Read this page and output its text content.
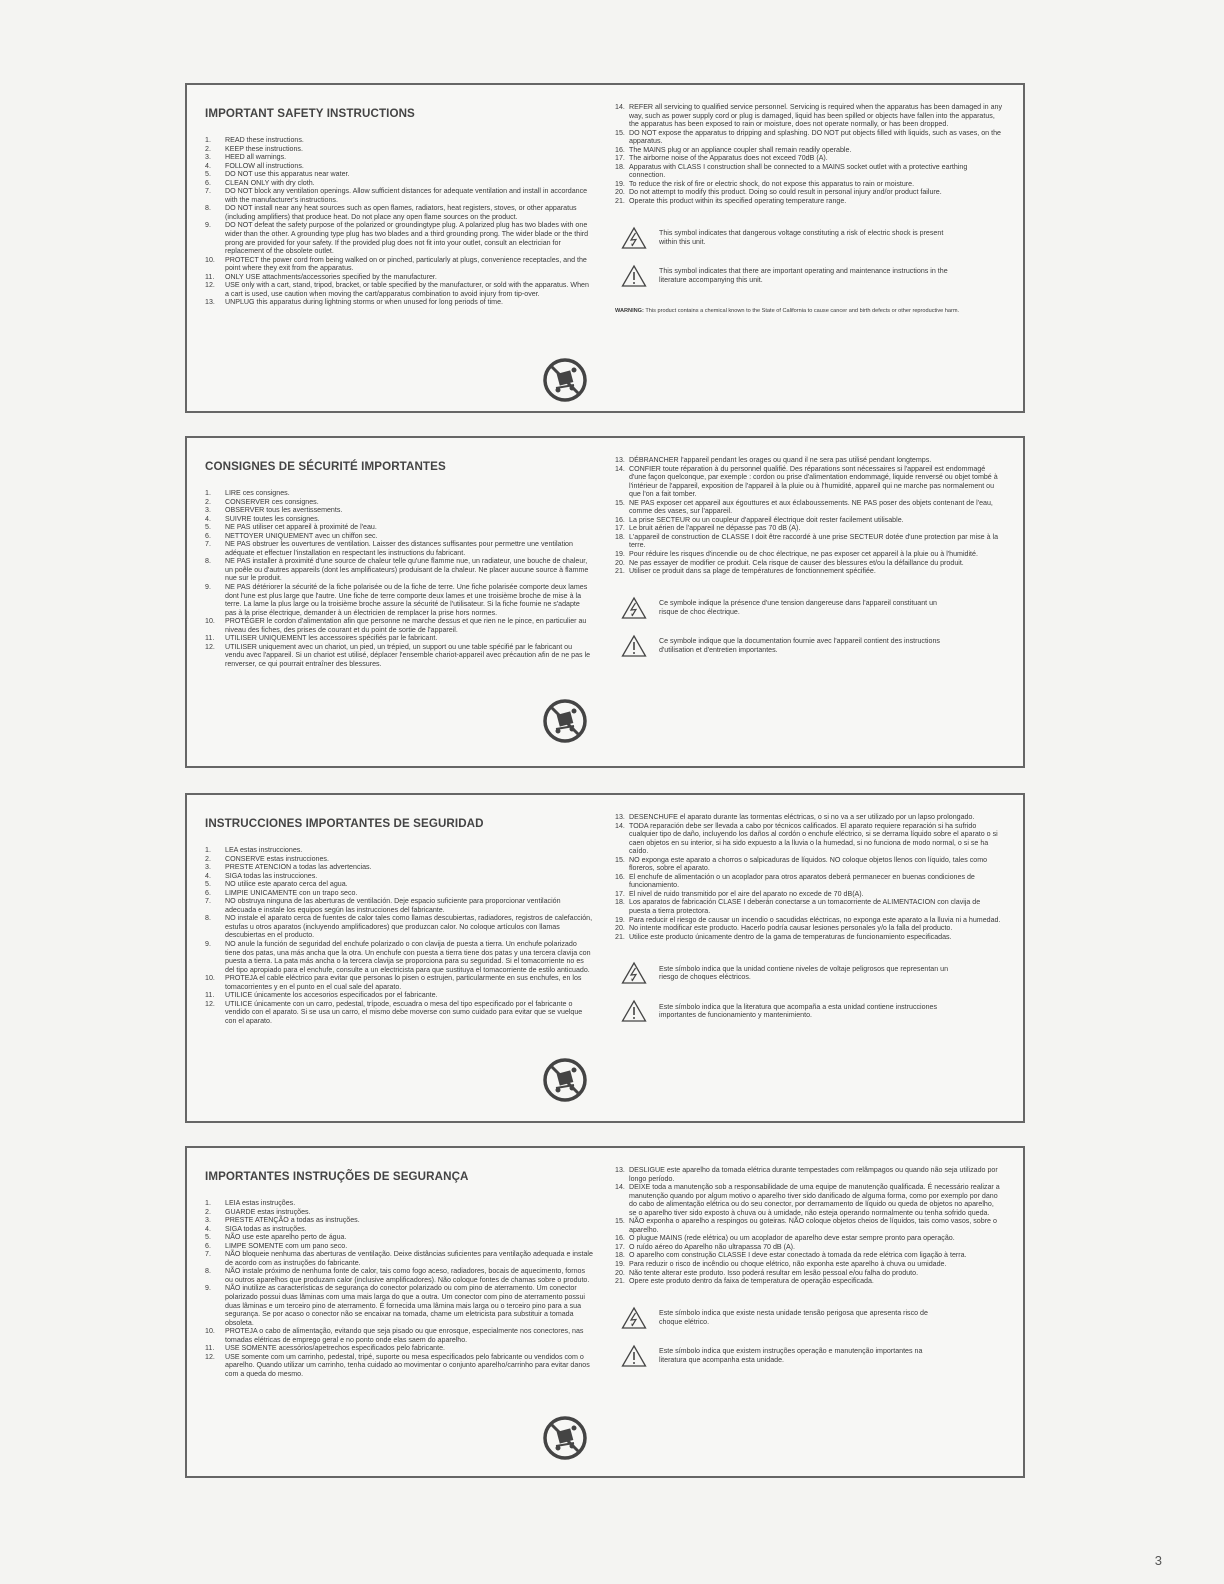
IMPORTANT SAFETY INSTRUCTIONS
1.	READ these instructions.
2.	KEEP these instructions.
3.	HEED all warnings.
4.	FOLLOW all instructions.
5.	DO NOT use this apparatus near water.
6.	CLEAN ONLY with dry cloth.
7.	DO NOT block any ventilation openings. Allow sufficient distances for adequate ventilation and install in accordance with the manufacturer's instructions.
8.	DO NOT install near any heat sources such as open flames, radiators, heat registers, stoves, or other apparatus (including amplifiers) that produce heat. Do not place any open flame sources on the product.
9.	DO NOT defeat the safety purpose of the polarized or groundingtype plug. A polarized plug has two blades with one wider than the other. A grounding type plug has two blades and a third grounding prong. The wider blade or the third prong are provided for your safety. If the provided plug does not fit into your outlet, consult an electrician for replacement of the obsolete outlet.
10.	PROTECT the power cord from being walked on or pinched, particularly at plugs, convenience receptacles, and the point where they exit from the apparatus.
11.	ONLY USE attachments/accessories specified by the manufacturer.
12.	USE only with a cart, stand, tripod, bracket, or table specified by the manufacturer, or sold with the apparatus. When a cart is used, use caution when moving the cart/apparatus combination to avoid injury from tip-over.
13.	UNPLUG this apparatus during lightning storms or when unused for long periods of time.
14. REFER all servicing to qualified service personnel. Servicing is required when the apparatus has been damaged in any way, such as power supply cord or plug is damaged, liquid has been spilled or objects have fallen into the apparatus, the apparatus has been exposed to rain or moisture, does not operate normally, or has been dropped.
15. DO NOT expose the apparatus to dripping and splashing. DO NOT put objects filled with liquids, such as vases, on the apparatus.
16. The MAINS plug or an appliance coupler shall remain readily operable.
17. The airborne noise of the Apparatus does not exceed 70dB (A).
18. Apparatus with CLASS I construction shall be connected to a MAINS socket outlet with a protective earthing connection.
19. To reduce the risk of fire or electric shock, do not expose this apparatus to rain or moisture.
20. Do not attempt to modify this product. Doing so could result in personal injury and/or product failure.
21. Operate this product within its specified operating temperature range.
This symbol indicates that dangerous voltage constituting a risk of electric shock is present within this unit.
This symbol indicates that there are important operating and maintenance instructions in the literature accompanying this unit.
WARNING: This product contains a chemical known to the State of California to cause cancer and birth defects or other reproductive harm.
CONSIGNES DE SÉCURITÉ IMPORTANTES
1.	LIRE ces consignes.
2.	CONSERVER ces consignes.
3.	OBSERVER tous les avertissements.
4.	SUIVRE toutes les consignes.
5.	NE PAS utiliser cet appareil à proximité de l'eau.
6.	NETTOYER UNIQUEMENT avec un chiffon sec.
7.	NE PAS obstruer les ouvertures de ventilation. Laisser des distances suffisantes pour permettre une ventilation adéquate et effectuer l'installation en respectant les instructions du fabricant.
8.	NE PAS installer à proximité d'une source de chaleur telle qu'une flamme nue, un radiateur, une bouche de chaleur, un poêle ou d'autres appareils (dont les amplificateurs) produisant de la chaleur. Ne placer aucune source à flamme nue sur le produit.
9.	NE PAS détériorer la sécurité de la fiche polarisée ou de la fiche de terre. Une fiche polarisée comporte deux lames dont l'une est plus large que l'autre. Une fiche de terre comporte deux lames et une troisième broche de mise à la terre. La lame la plus large ou la troisième broche assure la sécurité de l'utilisateur. Si la fiche fournie ne s'adapte pas à la prise électrique, demander à un électricien de remplacer la prise hors normes.
10.	PROTÉGER le cordon d'alimentation afin que personne ne marche dessus et que rien ne le pince, en particulier au niveau des fiches, des prises de courant et du point de sortie de l'appareil.
11.	UTILISER UNIQUEMENT les accessoires spécifiés par le fabricant.
12.	UTILISER uniquement avec un chariot, un pied, un trépied, un support ou une table spécifié par le fabricant ou vendu avec l'appareil. Si un chariot est utilisé, déplacer l'ensemble chariot-appareil avec précaution afin de ne pas le renverser, ce qui pourrait entraîner des blessures.
13. DÉBRANCHER l'appareil pendant les orages ou quand il ne sera pas utilisé pendant longtemps.
14. CONFIER toute réparation à du personnel qualifié. Des réparations sont nécessaires si l'appareil est endommagé d'une façon quelconque, par exemple : cordon ou prise d'alimentation endommagé, liquide renversé ou objet tombé à l'intérieur de l'appareil, exposition de l'appareil à la pluie ou à l'humidité, appareil qui ne marche pas normalement ou que l'on a fait tomber.
15. NE PAS exposer cet appareil aux égouttures et aux éclaboussements. NE PAS poser des objets contenant de l'eau, comme des vases, sur l'appareil.
16. La prise SECTEUR ou un coupleur d'appareil électrique doit rester facilement utilisable.
17. Le bruit aérien de l'appareil ne dépasse pas 70 dB (A).
18. L'appareil de construction de CLASSE I doit être raccordé à une prise SECTEUR dotée d'une protection par mise à la terre.
19. Pour réduire les risques d'incendie ou de choc électrique, ne pas exposer cet appareil à la pluie ou à l'humidité.
20. Ne pas essayer de modifier ce produit. Cela risque de causer des blessures et/ou la défaillance du produit.
21. Utiliser ce produit dans sa plage de températures de fonctionnement spécifiée.
Ce symbole indique la présence d'une tension dangereuse dans l'appareil constituant un risque de choc électrique.
Ce symbole indique que la documentation fournie avec l'appareil contient des instructions d'utilisation et d'entretien importantes.
INSTRUCCIONES IMPORTANTES DE SEGURIDAD
1.	LEA estas instrucciones.
2.	CONSERVE estas instrucciones.
3.	PRESTE ATENCION a todas las advertencias.
4.	SIGA todas las instrucciones.
5.	NO utilice este aparato cerca del agua.
6.	LIMPIE UNICAMENTE con un trapo seco.
7.	NO obstruya ninguna de las aberturas de ventilación. Deje espacio suficiente para proporcionar ventilación adecuada e instale los equipos según las instrucciones del fabricante.
8.	NO instale el aparato cerca de fuentes de calor tales como llamas descubiertas, radiadores, registros de calefacción, estufas u otros aparatos (incluyendo amplificadores) que produzcan calor. No coloque artículos con llamas descubiertas en el producto.
9.	NO anule la función de seguridad del enchufe polarizado o con clavija de puesta a tierra. Un enchufe polarizado tiene dos patas, una más ancha que la otra. Un enchufe con puesta a tierra tiene dos patas y una tercera clavija con puesta a tierra. La pata más ancha o la tercera clavija se proporciona para su seguridad. Si el tomacorriente no es del tipo apropiado para el enchufe, consulte a un electricista para que sustituya el tomacorriente de estilo anticuado.
10.	PROTEJA el cable eléctrico para evitar que personas lo pisen o estrujen, particularmente en sus enchufes, en los tomacorrientes y en el punto en el cual sale del aparato.
11.	UTILICE únicamente los accesorios especificados por el fabricante.
12.	UTILICE únicamente con un carro, pedestal, trípode, escuadra o mesa del tipo especificado por el fabricante o vendido con el aparato. Si se usa un carro, el mismo debe moverse con sumo cuidado para evitar que se vuelque con el aparato.
13. DESENCHUFE el aparato durante las tormentas eléctricas, o si no va a ser utilizado por un lapso prolongado.
14. TODA reparación debe ser llevada a cabo por técnicos calificados. El aparato requiere reparación si ha sufrido cualquier tipo de daño, incluyendo los daños al cordón o enchufe eléctrico, si se derrama líquido sobre el aparato o si caen objetos en su interior, si ha sido expuesto a la lluvia o la humedad, si no funciona de modo normal, o si se ha caído.
15. NO exponga este aparato a chorros o salpicaduras de líquidos. NO coloque objetos llenos con líquido, tales como floreros, sobre el aparato.
16. El enchufe de alimentación o un acoplador para otros aparatos deberá permanecer en buenas condiciones de funcionamiento.
17. El nivel de ruido transmitido por el aire del aparato no excede de 70 dB(A).
18. Los aparatos de fabricación CLASE I deberán conectarse a un tomacorriente de ALIMENTACION con clavija de puesta a tierra protectora.
19. Para reducir el riesgo de causar un incendio o sacudidas eléctricas, no exponga este aparato a la lluvia ni a humedad.
20. No intente modificar este producto. Hacerlo podría causar lesiones personales y/o la falla del producto.
21. Utilice este producto únicamente dentro de la gama de temperaturas de funcionamiento especificadas.
Este símbolo indica que la unidad contiene niveles de voltaje peligrosos que representan un riesgo de choques eléctricos.
Este símbolo indica que la literatura que acompaña a esta unidad contiene instrucciones importantes de funcionamiento y mantenimiento.
IMPORTANTES INSTRUÇÕES DE SEGURANÇA
1.	LEIA estas instruções.
2.	GUARDE estas instruções.
3.	PRESTE ATENÇÃO a todas as instruções.
4.	SIGA todas as instruções.
5.	NÃO use este aparelho perto de água.
6.	LIMPE SOMENTE com um pano seco.
7.	NÃO bloqueie nenhuma das aberturas de ventilação. Deixe distâncias suficientes para ventilação adequada e instale de acordo com as instruções do fabricante.
8.	NÃO instale próximo de nenhuma fonte de calor, tais como fogo aceso, radiadores, bocais de aquecimento, fornos ou outros aparelhos que produzam calor (inclusive amplificadores). Não coloque fontes de chamas sobre o produto.
9.	NÃO inutilize as características de segurança do conector polarizado ou com pino de aterramento. Um conector polarizado possui duas lâminas com uma mais larga do que a outra. Um conector com pino de aterramento possui duas lâminas e um terceiro pino de aterramento. É fornecida uma lâmina mais larga ou o terceiro pino para a sua segurança. Se por acaso o conector não se encaixar na tomada, chame um eletricista para substituir a tomada obsoleta.
10.	PROTEJA o cabo de alimentação, evitando que seja pisado ou que enrosque, especialmente nos conectores, nas tomadas elétricas de emprego geral e no ponto onde elas saem do aparelho.
11.	USE SOMENTE acessórios/apetrechos especificados pelo fabricante.
12.	USE somente com um carrinho, pedestal, tripé, suporte ou mesa especificados pelo fabricante ou vendidos com o aparelho. Quando utilizar um carrinho, tenha cuidado ao movimentar o conjunto aparelho/carrinho para evitar danos com a queda do mesmo.
13. DESLIGUE este aparelho da tomada elétrica durante tempestades com relâmpagos ou quando não seja utilizado por longo período.
14. DEIXE toda a manutenção sob a responsabilidade de uma equipe de manutenção qualificada. É necessário realizar a manutenção quando por algum motivo o aparelho tiver sido danificado de alguma forma, como por exemplo por dano do cabo de alimentação elétrica ou do seu conector, por derramamento de líquido ou queda de objetos no aparelho, se o aparelho tiver sido exposto à chuva ou à umidade, não esteja operando normalmente ou tenha sofrido queda.
15. NÃO exponha o aparelho a respingos ou goteiras. NÃO coloque objetos cheios de líquidos, tais como vasos, sobre o aparelho.
16. O plugue MAINS (rede elétrica) ou um acoplador de aparelho deve estar sempre pronto para operação.
17. O ruído aéreo do Aparelho não ultrapassa 70 dB (A).
18. O aparelho com construção CLASSE I deve estar conectado à tomada da rede elétrica com ligação à terra.
19. Para reduzir o risco de incêndio ou choque elétrico, não exponha este aparelho à chuva ou umidade.
20. Não tente alterar este produto. Isso poderá resultar em lesão pessoal e/ou falha do produto.
21. Opere este produto dentro da faixa de temperatura de operação especificada.
Este símbolo indica que existe nesta unidade tensão perigosa que apresenta risco de choque elétrico.
Este símbolo indica que existem instruções operação e manutenção importantes na literatura que acompanha esta unidade.
3
